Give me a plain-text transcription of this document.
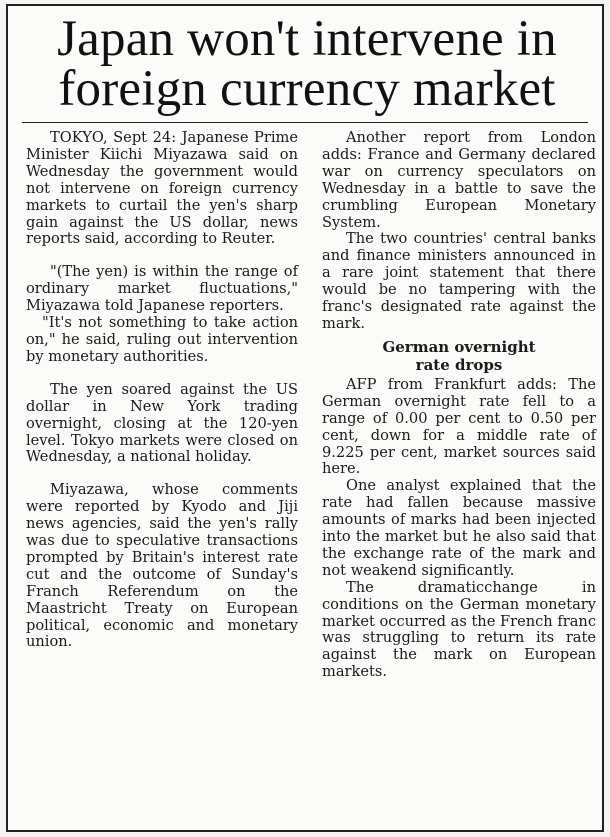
Japan won't intervene in
foreign currency market

TOKYO, Sept 24: Japanese Prime Minister Kiichi Miyazawa said on Wednesday the government would not intervene on foreign currency markets to curtail the yen's sharp gain against the US dollar, news reports said, according to Reuter.

"(The yen) is within the range of ordinary market fluctuations," Miyazawa told Japanese reporters.

"It's not something to take action on," he said, ruling out intervention by monetary authorities.

The yen soared against the US dollar in New York trading overnight, closing at the 120-yen level. Tokyo markets were closed on Wednesday, a national holiday.

Miyazawa, whose comments were reported by Kyodo and Jiji news agencies, said the yen's rally was due to speculative transactions prompted by Britain's interest rate cut and the outcome of Sunday's Franch Referendum on the Maastricht Treaty on European political, economic and monetary union.

Another report from London adds: France and Germany declared war on currency speculators on Wednesday in a battle to save the crumbling European Monetary System.

The two countries' central banks and finance ministers announced in a rare joint statement that there would be no tampering with the franc's designated rate against the mark.

German overnight
rate drops

AFP from Frankfurt adds: The German overnight rate fell to a range of 0.00 per cent to 0.50 per cent, down for a middle rate of 9.225 per cent, market sources said here.

One analyst explained that the rate had fallen because massive amounts of marks had been injected into the market but he also said that the exchange rate of the mark and not weakend significantly.

The dramaticchange in conditions on the German monetary market occurred as the French franc was struggling to return its rate against the mark on European markets.
